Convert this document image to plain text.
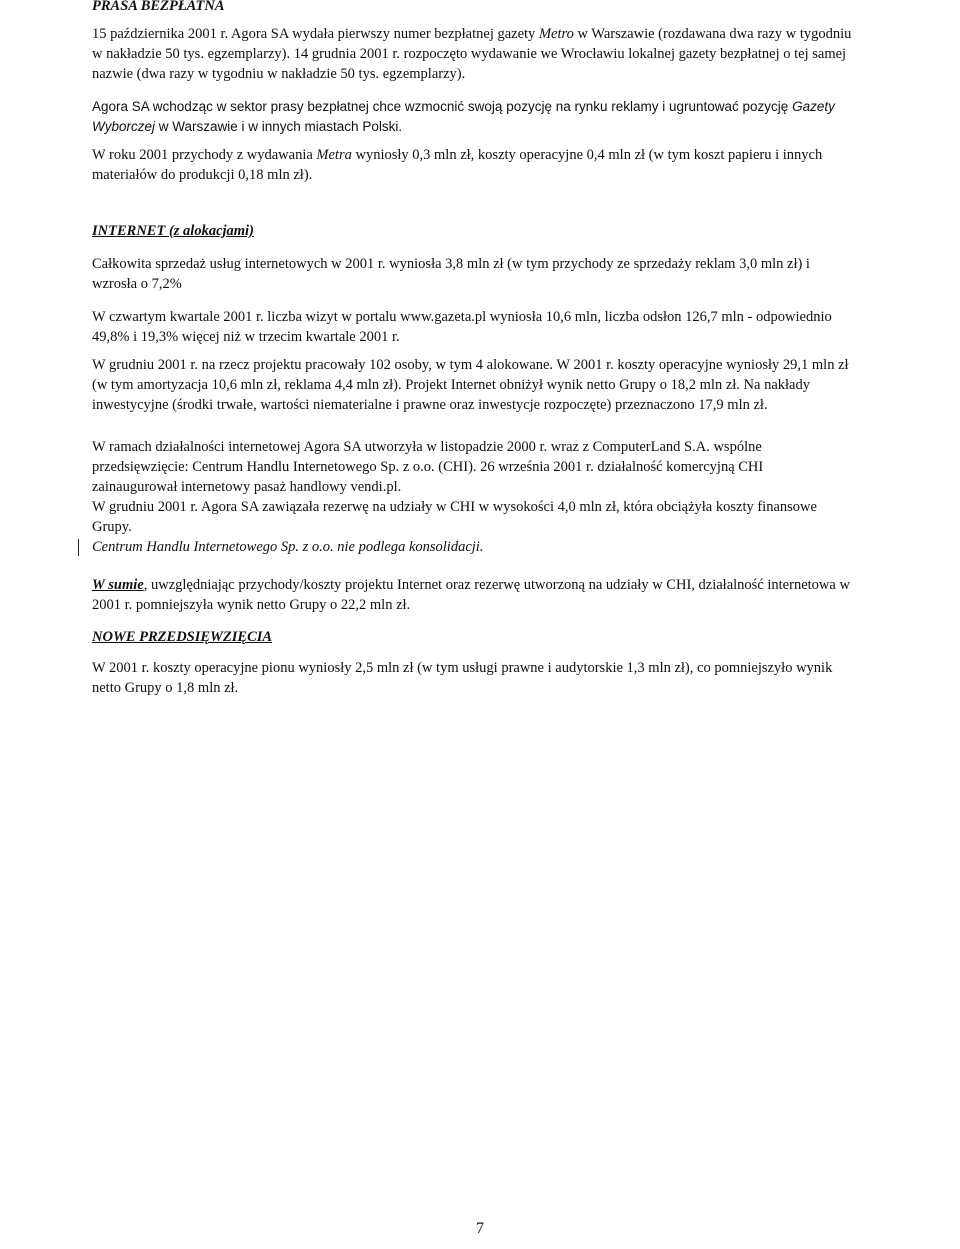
PRASA BEZPŁATNA

15 października 2001 r. Agora SA wydała pierwszy numer bezpłatnej gazety Metro w Warszawie (rozdawana dwa razy w tygodniu w nakładzie 50 tys. egzemplarzy). 14 grudnia 2001 r. rozpoczęto wydawanie we Wrocławiu lokalnej gazety bezpłatnej o tej samej nazwie (dwa razy w tygodniu w nakładzie 50 tys. egzemplarzy).

Agora SA wchodząc w sektor prasy bezpłatnej chce wzmocnić swoją pozycję na rynku reklamy i ugruntować pozycję Gazety Wyborczej w Warszawie i w innych miastach Polski.

W roku 2001 przychody z wydawania Metra wyniosły 0,3 mln zł, koszty operacyjne 0,4 mln zł (w tym koszt papieru i innych materiałów do produkcji 0,18 mln zł).

INTERNET (z alokacjami)

Całkowita sprzedaż usług internetowych w 2001 r. wyniosła 3,8 mln zł (w tym przychody ze sprzedaży reklam 3,0 mln zł) i wzrosła o 7,2%

W czwartym kwartale 2001 r. liczba wizyt w portalu www.gazeta.pl wyniosła 10,6 mln, liczba odsłon 126,7 mln - odpowiednio 49,8% i 19,3% więcej niż w trzecim kwartale 2001 r.

W grudniu 2001 r. na rzecz projektu pracowały 102 osoby, w tym 4 alokowane. W 2001 r. koszty operacyjne wyniosły 29,1 mln zł (w tym amortyzacja 10,6 mln zł, reklama 4,4 mln zł). Projekt Internet obniżył wynik netto Grupy o 18,2 mln zł. Na nakłady inwestycyjne (środki trwałe, wartości niematerialne i prawne oraz inwestycje rozpoczęte) przeznaczono 17,9 mln zł.

W ramach działalności internetowej Agora SA utworzyła w listopadzie 2000 r. wraz z ComputerLand S.A. wspólne przedsięwzięcie: Centrum Handlu Internetowego Sp. z o.o. (CHI). 26 września 2001 r. działalność komercyjną CHI zainaugurował internetowy pasaż handlowy vendi.pl.

W grudniu 2001 r. Agora SA zawiązała rezerwę na udziały w CHI w wysokości 4,0 mln zł, która obciążyła koszty finansowe Grupy.

Centrum Handlu Internetowego Sp. z o.o. nie podlega konsolidacji.

W sumie, uwzględniając przychody/koszty projektu Internet oraz rezerwę utworzoną na udziały w CHI, działalność internetowa w 2001 r. pomniejszyła wynik netto Grupy o 22,2 mln zł.

NOWE PRZEDSIĘWZIĘCIA

W 2001 r. koszty operacyjne pionu wyniosły 2,5 mln zł (w tym usługi prawne i audytorskie 1,3 mln zł), co pomniejszyło wynik netto Grupy o 1,8 mln zł.

7
